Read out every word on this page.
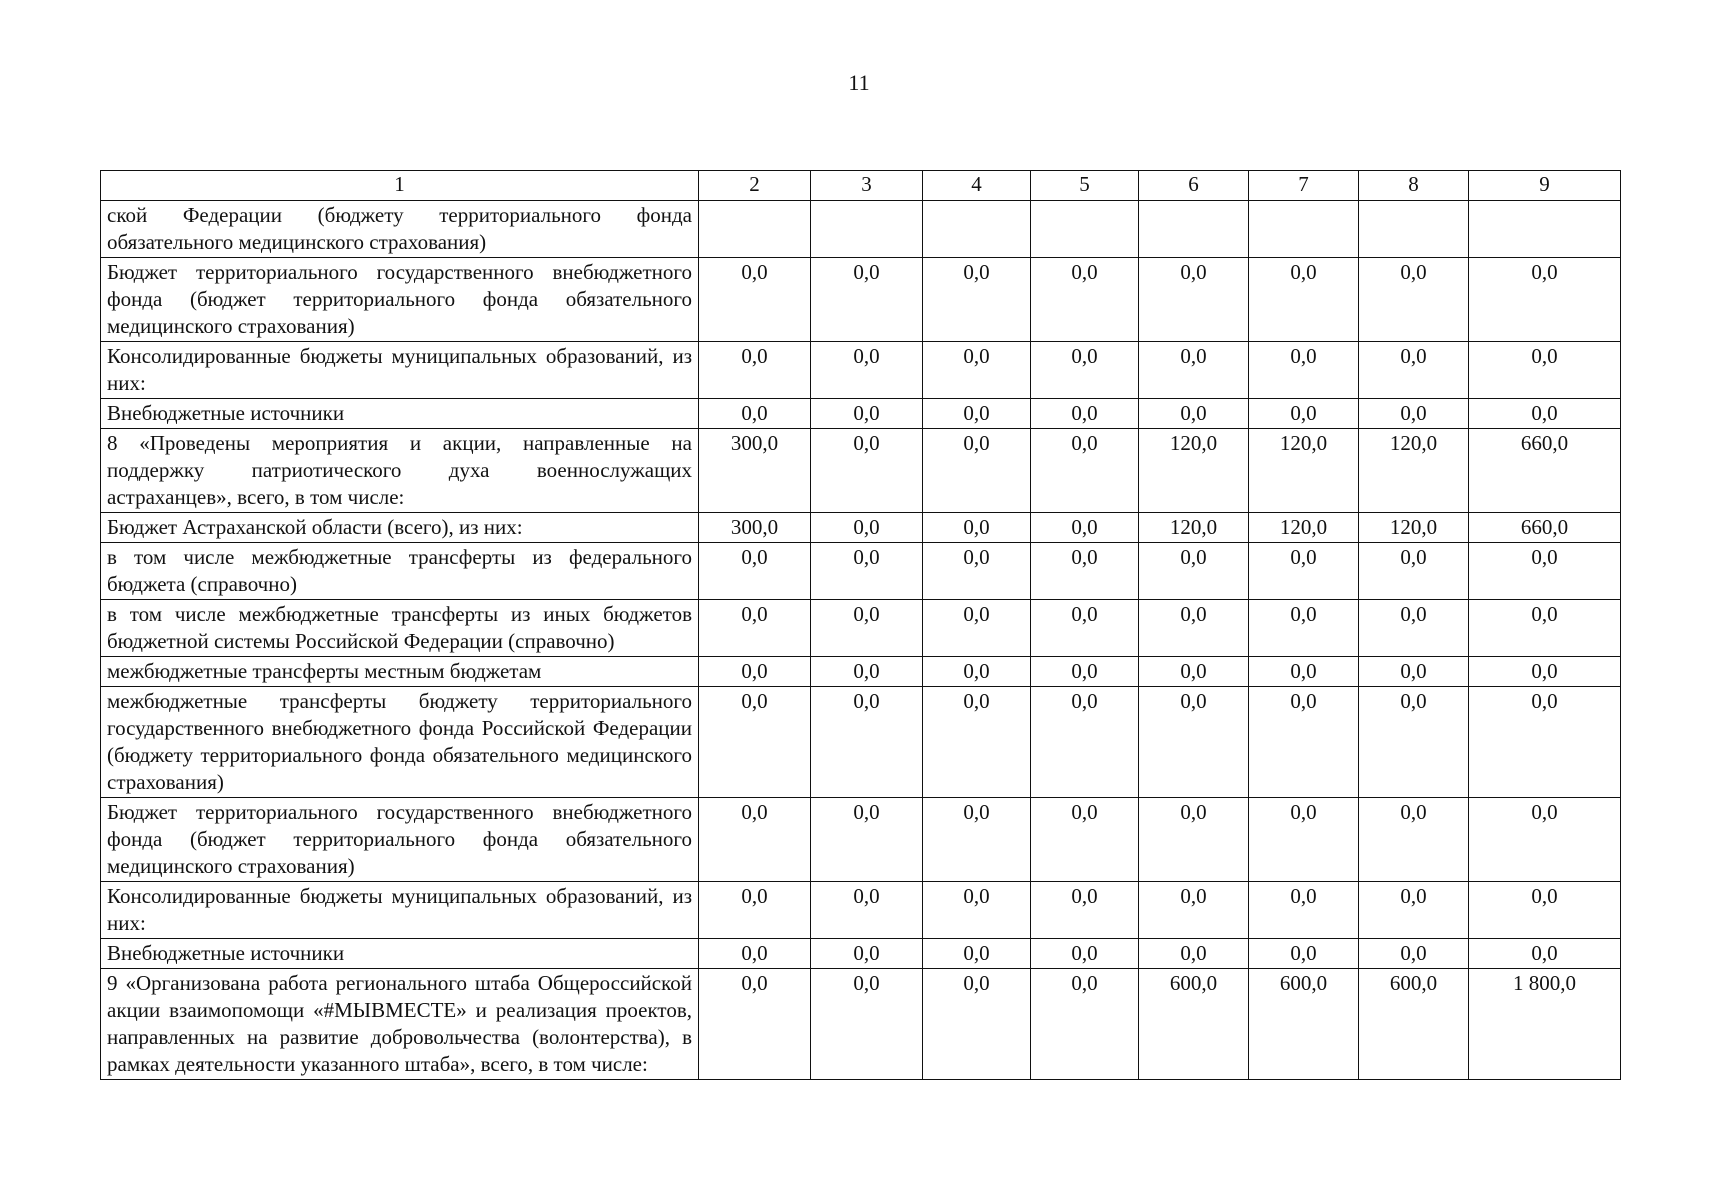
11
1	2	3	4	5	6	7	8	9
ской Федерации (бюджету территориального фонда обязательного медицинского страхования)								
Бюджет территориального государственного внебюджетного фонда (бюджет территориального фонда обязательного медицинского страхования)	0,0	0,0	0,0	0,0	0,0	0,0	0,0	0,0
Консолидированные бюджеты муниципальных образований, из них:	0,0	0,0	0,0	0,0	0,0	0,0	0,0	0,0
Внебюджетные источники	0,0	0,0	0,0	0,0	0,0	0,0	0,0	0,0
8 «Проведены мероприятия и акции, направленные на поддержку патриотического духа военнослужащих астраханцев», всего, в том числе:	300,0	0,0	0,0	0,0	120,0	120,0	120,0	660,0
Бюджет Астраханской области (всего), из них:	300,0	0,0	0,0	0,0	120,0	120,0	120,0	660,0
в том числе межбюджетные трансферты из федерального бюджета (справочно)	0,0	0,0	0,0	0,0	0,0	0,0	0,0	0,0
в том числе межбюджетные трансферты из иных бюджетов бюджетной системы Российской Федерации (справочно)	0,0	0,0	0,0	0,0	0,0	0,0	0,0	0,0
межбюджетные трансферты местным бюджетам	0,0	0,0	0,0	0,0	0,0	0,0	0,0	0,0
межбюджетные трансферты бюджету территориального государственного внебюджетного фонда Российской Федерации (бюджету территориального фонда обязательного медицинского страхования)	0,0	0,0	0,0	0,0	0,0	0,0	0,0	0,0
Бюджет территориального государственного внебюджетного фонда (бюджет территориального фонда обязательного медицинского страхования)	0,0	0,0	0,0	0,0	0,0	0,0	0,0	0,0
Консолидированные бюджеты муниципальных образований, из них:	0,0	0,0	0,0	0,0	0,0	0,0	0,0	0,0
Внебюджетные источники	0,0	0,0	0,0	0,0	0,0	0,0	0,0	0,0
9 «Организована работа регионального штаба Общероссийской акции взаимопомощи «#МЫВМЕСТЕ» и реализация проектов, направленных на развитие добровольчества (волонтерства), в рамках деятельности указанного штаба», всего, в том числе:	0,0	0,0	0,0	0,0	600,0	600,0	600,0	1 800,0
